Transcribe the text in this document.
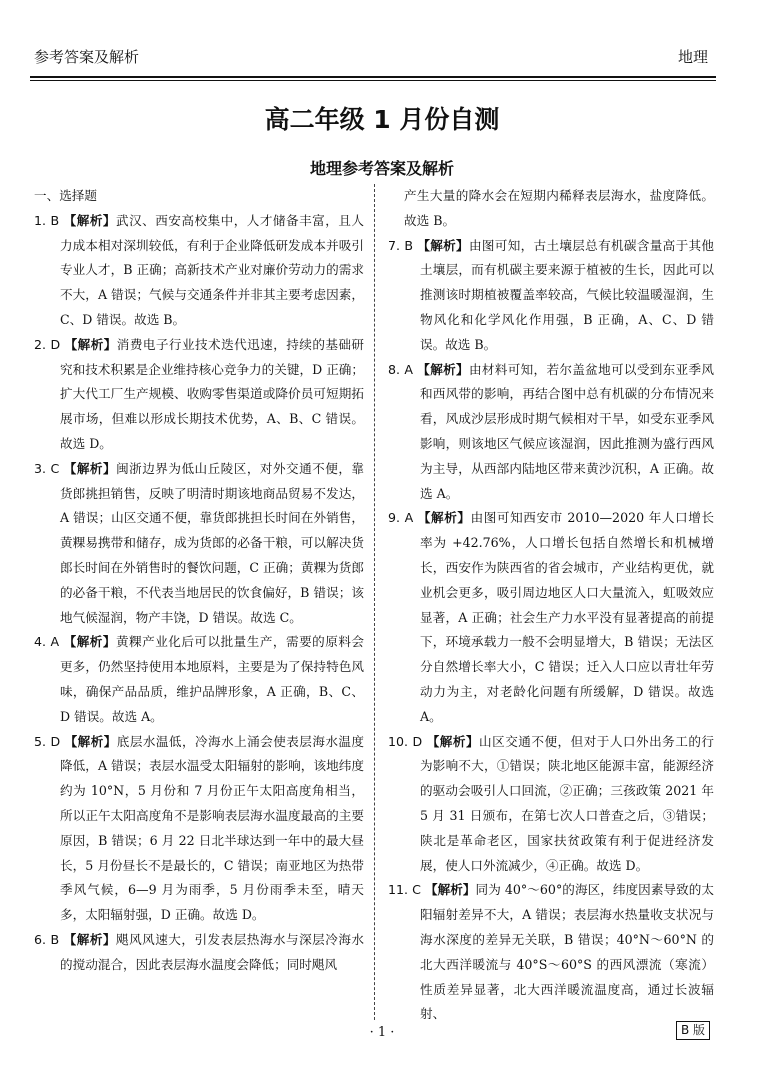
参考答案及解析	地理
高二年级 1 月份自测
地理参考答案及解析
一、选择题

1. B 【解析】武汉、西安高校集中，人才储备丰富，且人力成本相对深圳较低，有利于企业降低研发成本并吸引专业人才，B 正确；高新技术产业对廉价劳动力的需求不大，A 错误；气候与交通条件并非其主要考虑因素，C、D 错误。故选 B。

2. D 【解析】消费电子行业技术迭代迅速，持续的基础研究和技术积累是企业维持核心竞争力的关键，D 正确；扩大代工厂生产规模、收购零售渠道或降价员可短期拓展市场，但难以形成长期技术优势，A、B、C 错误。故选 D。

3. C 【解析】闽浙边界为低山丘陵区，对外交通不便，靠货郎挑担销售，反映了明清时期该地商品贸易不发达，A 错误；山区交通不便，靠货郎挑担长时间在外销售，黄粿易携带和储存，成为货郎的必备干粮，可以解决货郎长时间在外销售时的餐饮问题，C 正确；黄粿为货郎的必备干粮，不代表当地居民的饮食偏好，B 错误；该地气候湿润，物产丰饶，D 错误。故选 C。

4. A 【解析】黄粿产业化后可以批量生产，需要的原料会更多，仍然坚持使用本地原料，主要是为了保持特色风味，确保产品品质，维护品牌形象，A 正确，B、C、D 错误。故选 A。

5. D 【解析】底层水温低，冷海水上涌会使表层海水温度降低，A 错误；表层水温受太阳辐射的影响，该地纬度约为 10°N，5 月份和 7 月份正午太阳高度角相当，所以正午太阳高度角不是影响表层海水温度最高的主要原因，B 错误；6 月 22 日北半球达到一年中的最大昼长，5 月份昼长不是最长的，C 错误；南亚地区为热带季风气候，6—9 月为雨季，5 月份雨季未至，晴天多，太阳辐射强，D 正确。故选 D。

6. B 【解析】飓风风速大，引发表层热海水与深层冷海水的搅动混合，因此表层海水温度会降低；同时飓风

产生大量的降水会在短期内稀释表层海水，盐度降低。故选 B。

7. B 【解析】由图可知，古土壤层总有机碳含量高于其他土壤层，而有机碳主要来源于植被的生长，因此可以推测该时期植被覆盖率较高，气候比较温暖湿润，生物风化和化学风化作用强，B 正确，A、C、D 错误。故选 B。

8. A 【解析】由材料可知，若尔盖盆地可以受到东亚季风和西风带的影响，再结合图中总有机碳的分布情况来看，风成沙层形成时期气候相对干旱，如受东亚季风影响，则该地区气候应该湿润，因此推测为盛行西风为主导，从西部内陆地区带来黄沙沉积，A 正确。故选 A。

9. A 【解析】由图可知西安市 2010—2020 年人口增长率为 +42.76%，人口增长包括自然增长和机械增长，西安作为陕西省的省会城市，产业结构更优，就业机会更多，吸引周边地区人口大量流入，虹吸效应显著，A 正确；社会生产力水平没有显著提高的前提下，环境承载力一般不会明显增大，B 错误；无法区分自然增长率大小，C 错误；迁入人口应以青壮年劳动力为主，对老龄化问题有所缓解，D 错误。故选 A。

10. D 【解析】山区交通不便，但对于人口外出务工的行为影响不大，①错误；陕北地区能源丰富，能源经济的驱动会吸引人口回流，②正确；三孩政策 2021 年 5 月 31 日颁布，在第七次人口普查之后，③错误；陕北是革命老区，国家扶贫政策有利于促进经济发展，使人口外流减少，④正确。故选 D。

11. C 【解析】同为 40°～60°的海区，纬度因素导致的太阳辐射差异不大，A 错误；表层海水热量收支状况与海水深度的差异无关联，B 错误；40°N～60°N 的北大西洋暖流与 40°S～60°S 的西风漂流（寒流）性质差异显著，北大西洋暖流温度高，通过长波辐射、

· 1 ·	B 版
